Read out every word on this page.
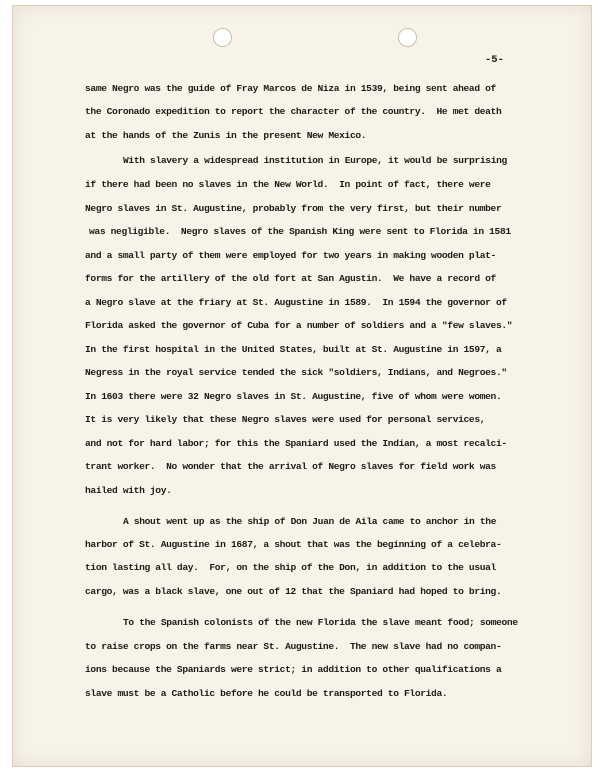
-5-
same Negro was the guide of Fray Marcos de Niza in 1539, being sent ahead of
the Coronado expedition to report the character of the country.  He met death
at the hands of the Zunis in the present New Mexico.
With slavery a widespread institution in Europe, it would be surprising
if there had been no slaves in the New World.  In point of fact, there were
Negro slaves in St. Augustine, probably from the very first, but their number
was negligible.  Negro slaves of the Spanish King were sent to Florida in 1581
and a small party of them were employed for two years in making wooden plat-
forms for the artillery of the old fort at San Agustin.  We have a record of
a Negro slave at the friary at St. Augustine in 1589.  In 1594 the governor of
Florida asked the governor of Cuba for a number of soldiers and a "few slaves."
In the first hospital in the United States, built at St. Augustine in 1597, a
Negress in the royal service tended the sick "soldiers, Indians, and Negroes."
In 1603 there were 32 Negro slaves in St. Augustine, five of whom were women.
It is very likely that these Negro slaves were used for personal services,
and not for hard labor; for this the Spaniard used the Indian, a most recalci-
trant worker.  No wonder that the arrival of Negro slaves for field work was
hailed with joy.
A shout went up as the ship of Don Juan de Aila came to anchor in the
harbor of St. Augustine in 1687, a shout that was the beginning of a celebra-
tion lasting all day.  For, on the ship of the Don, in addition to the usual
cargo, was a black slave, one out of 12 that the Spaniard had hoped to bring.
To the Spanish colonists of the new Florida the slave meant food; someone
to raise crops on the farms near St. Augustine.  The new slave had no compan-
ions because the Spaniards were strict; in addition to other qualifications a
slave must be a Catholic before he could be transported to Florida.
